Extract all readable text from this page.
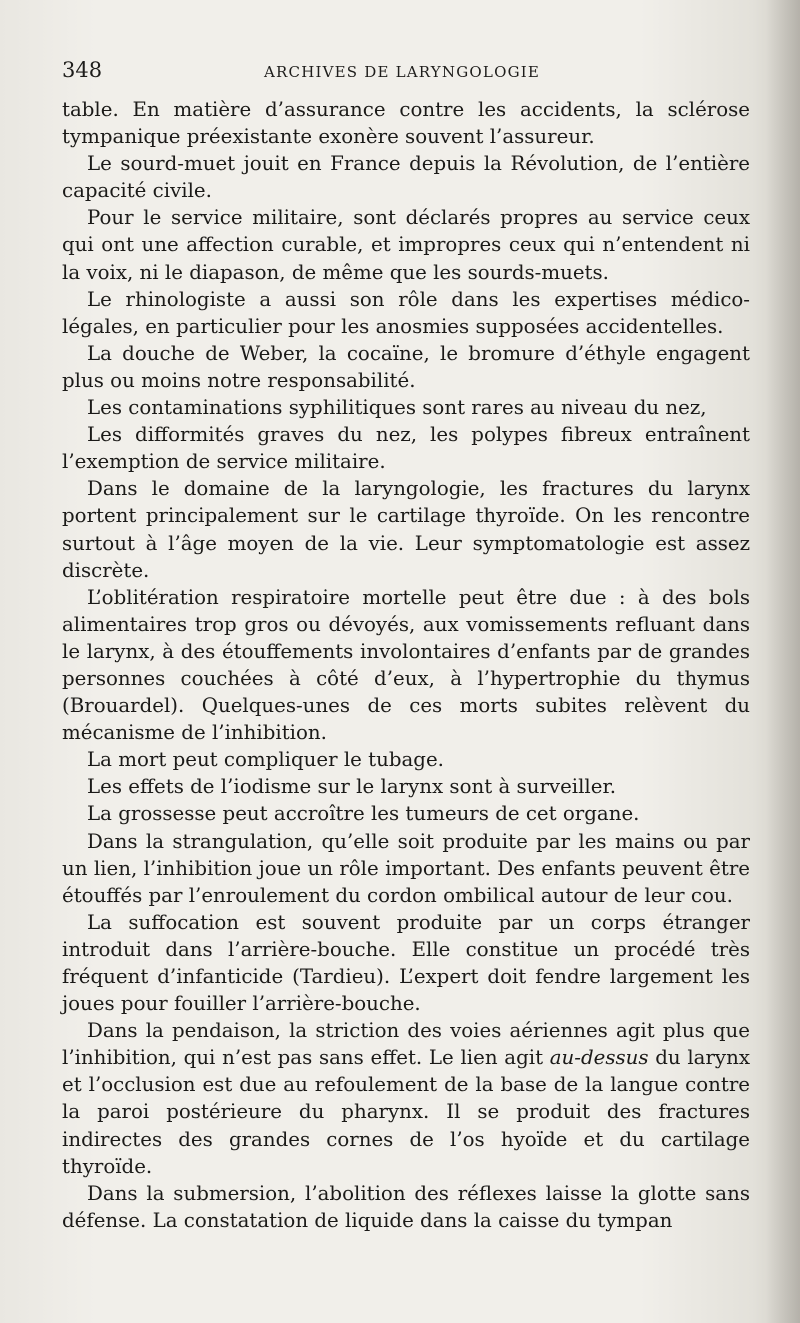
348	ARCHIVES DE LARYNGOLOGIE

table. En matière d’assurance contre les accidents, la sclérose tympanique préexistante exonère souvent l’assureur.

Le sourd-muet jouit en France depuis la Révolution, de l’entière capacité civile.

Pour le service militaire, sont déclarés propres au service ceux qui ont une affection curable, et impropres ceux qui n’entendent ni la voix, ni le diapason, de même que les sourds-muets.

Le rhinologiste a aussi son rôle dans les expertises médico-légales, en particulier pour les anosmies supposées accidentelles.

La douche de Weber, la cocaïne, le bromure d’éthyle engagent plus ou moins notre responsabilité.

Les contaminations syphilitiques sont rares au niveau du nez,

Les difformités graves du nez, les polypes fibreux entraînent l’exemption de service militaire.

Dans le domaine de la laryngologie, les fractures du larynx portent principalement sur le cartilage thyroïde. On les rencontre surtout à l’âge moyen de la vie. Leur symptomatologie est assez discrète.

L’oblitération respiratoire mortelle peut être due : à des bols alimentaires trop gros ou dévoyés, aux vomissements refluant dans le larynx, à des étouffements involontaires d’enfants par de grandes personnes couchées à côté d’eux, à l’hypertrophie du thymus (Brouardel). Quelques-unes de ces morts subites relèvent du mécanisme de l’inhibition.

La mort peut compliquer le tubage.

Les effets de l’iodisme sur le larynx sont à surveiller.

La grossesse peut accroître les tumeurs de cet organe.

Dans la strangulation, qu’elle soit produite par les mains ou par un lien, l’inhibition joue un rôle important. Des enfants peuvent être étouffés par l’enroulement du cordon ombilical autour de leur cou.

La suffocation est souvent produite par un corps étranger introduit dans l’arrière-bouche. Elle constitue un procédé très fréquent d’infanticide (Tardieu). L’expert doit fendre largement les joues pour fouiller l’arrière-bouche.

Dans la pendaison, la striction des voies aériennes agit plus que l’inhibition, qui n’est pas sans effet. Le lien agit au-dessus du larynx et l’occlusion est due au refoulement de la base de la langue contre la paroi postérieure du pharynx. Il se produit des fractures indirectes des grandes cornes de l’os hyoïde et du cartilage thyroïde.

Dans la submersion, l’abolition des réflexes laisse la glotte sans défense. La constatation de liquide dans la caisse du tympan
